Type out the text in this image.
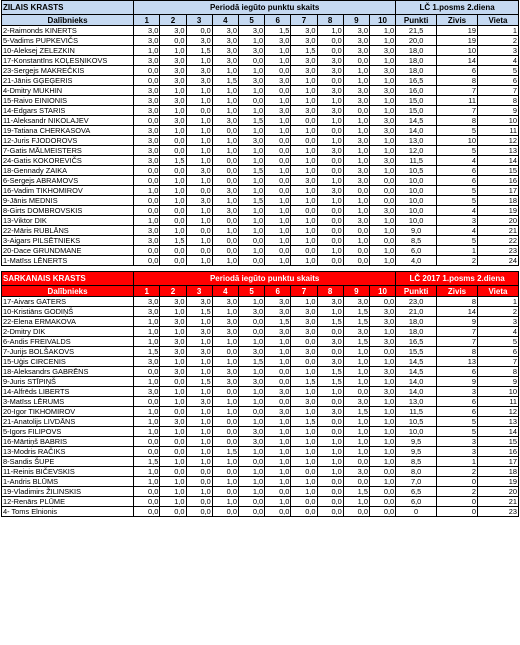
ZILAIS KRASTS	Periodā iegūto punktu skaits										LČ 1.posms 2.diena		
Dalībnieks	1	2	3	4	5	6	7	8	9	10	Punkti	Zivis	Vieta
2-Raimonds KINERTS	3,0	3,0	0,0	3,0	3,0	1,5	3,0	1,0	3,0	1,0	21,5	19	1
5-Vadims PUPKEVIČS	3,0	0,0	3,0	3,0	1,0	3,0	3,0	0,0	3,0	1,0	20,0	19	2
10-Aleksej ZELEZKIN	1,0	1,0	1,5	3,0	3,0	1,0	1,5	0,0	3,0	3,0	18,0	10	3
17-Konstantīns KOĻESŅIKOVS	3,0	3,0	1,0	3,0	0,0	1,0	3,0	3,0	0,0	1,0	18,0	14	4
23-Sergejs MAKREC̆KIS	0,0	3,0	3,0	1,0	1,0	0,0	3,0	3,0	1,0	3,0	18,0	6	5
21-Jānis GĢEĢERIS	0,0	3,0	3,0	1,5	3,0	3,0	1,0	0,0	1,0	1,0	16,5	8	6
4-Dmitry MUKHIN	3,0	1,0	1,0	1,0	1,0	0,0	1,0	3,0	3,0	3,0	16,0	7	7
15-Raivo EINIONIS	3,0	3,0	1,0	1,0	0,0	1,0	1,0	1,0	3,0	1,0	15,0	11	8
14-Edgars STARIS	3,0	1,0	0,0	1,0	1,0	3,0	3,0	3,0	0,0	1,0	15,0	7	9
11-Aleksandr NIKOLAJEV	0,0	3,0	1,0	3,0	1,5	1,0	0,0	1,0	1,0	3,0	14,5	8	10
19-Tatiana CHERKASOVA	3,0	1,0	1,0	0,0	1,0	1,0	1,0	0,0	1,0	3,0	14,0	5	11
12-Juris FJODOROVS	3,0	0,0	1,0	1,0	3,0	0,0	0,0	1,0	3,0	1,0	13,0	10	12
7-Gatis MĀLMEISTERS	3,0	0,0	1,0	1,0	1,0	0,0	1,0	3,0	1,0	1,0	12,0	5	13
24-Gatis KOKOREVIČS	3,0	1,5	1,0	0,0	1,0	0,0	1,0	0,0	1,0	3,0	11,5	4	14
18-Gennady ZAIKA	0,0	0,0	3,0	0,0	1,5	1,0	1,0	0,0	3,0	1,0	10,5	6	15
6-Sergejs ABRAMOVS	0,0	1,0	1,0	0,0	1,0	0,0	3,0	1,0	3,0	0,0	10,0	6	16
16-Vadim TIKHOMIROV	1,0	1,0	0,0	3,0	1,0	0,0	1,0	3,0	0,0	0,0	10,0	5	17
9-Jānis MEDNIS	0,0	1,0	3,0	1,0	1,5	1,0	1,0	1,0	1,0	0,0	10,0	5	18
8-Girts DOMBROVSKIS	0,0	0,0	1,0	3,0	1,0	1,0	0,0	0,0	1,0	3,0	10,0	4	19
13-Viktor DIK	1,0	0,0	1,0	0,0	1,0	1,0	1,0	0,0	3,0	1,0	10,0	3	20
22-Māris RUBLĀNS	3,0	1,0	0,0	1,0	1,0	1,0	1,0	0,0	0,0	1,0	9,0	4	21
3-Aigars PILSĒTNIEKS	3,0	1,5	1,0	0,0	0,0	1,0	1,0	0,0	1,0	0,0	8,5	5	22
20-Dace GRUNDMANE	0,0	0,0	0,0	0,0	1,0	0,0	0,0	1,0	0,0	1,0	6,0	1	23
1-Matīss LĒNERTS	0,0	0,0	1,0	1,0	0,0	1,0	1,0	0,0	0,0	1,0	4,0	2	24
SARKANAIS KRASTS	Periodā iegūto punktu skaits										LČ 2017 1.posms 2.diena		
Dalībnieks	1	2	3	4	5	6	7	8	9	10	Punkti	Zivis	Vieta
17-Aivars GATERS	3,0	3,0	3,0	3,0	1,0	3,0	1,0	3,0	3,0	0,0	23,0	8	1
10-Kristiāns GODIŅŠ	3,0	1,0	1,5	1,0	3,0	3,0	3,0	1,0	1,5	3,0	21,0	14	2
22-Elena ERMAKOVA	1,0	3,0	1,0	3,0	0,0	1,5	3,0	1,5	1,5	3,0	18,0	9	3
2-Dmitry DIK	1,0	1,0	3,0	3,0	0,0	3,0	3,0	0,0	3,0	1,0	18,0	7	4
6-Andis FREIVALDS	1,0	3,0	1,0	1,0	1,0	1,0	0,0	3,0	1,5	3,0	16,5	7	5
7-Jurijs BOLŠAKOVS	1,5	3,0	3,0	0,0	3,0	1,0	3,0	0,0	1,0	0,0	15,5	8	6
15-Uģis CIRCENIS	3,0	1,0	1,0	1,0	1,5	1,0	0,0	3,0	1,0	1,0	14,5	13	7
18-Aleksandrs GABRĒNS	0,0	3,0	1,0	3,0	1,0	0,0	1,0	1,5	1,0	3,0	14,5	6	8
9-Juris STĪPIŅŠ	1,0	0,0	1,5	3,0	3,0	0,0	1,5	1,5	1,0	1,0	14,0	9	9
14-Alfrēds LIBERTS	3,0	1,0	1,0	0,0	1,0	3,0	1,0	1,0	0,0	3,0	14,0	3	10
3-Matīss LĒRUMS	0,0	1,0	3,0	1,0	1,0	0,0	3,0	0,0	3,0	1,0	13,0	6	11
20-Igor TIKHOMIROV	1,0	0,0	1,0	1,0	0,0	3,0	1,0	3,0	1,5	1,0	11,5	6	12
21-Anatolijs LIVDĀNS	1,0	3,0	1,0	0,0	1,0	1,0	1,5	0,0	1,0	1,0	10,5	5	13
5-Igors FILIPOVS	1,0	1,0	1,0	0,0	3,0	1,0	1,0	0,0	1,0	1,0	10,0	5	14
16-Mārtiņš BABRIS	0,0	0,0	1,0	0,0	3,0	1,0	1,0	1,0	1,0	1,0	9,5	3	15
13-Modris RAČIKS	0,0	0,0	1,0	1,5	1,0	1,0	1,0	1,0	1,0	1,0	9,5	3	16
8-Sandis ŠUPE	1,5	1,0	1,0	1,0	0,0	1,0	1,0	1,0	0,0	1,0	8,5	1	17
11-Reinis BIČEVSKIS	1,0	0,0	0,0	0,0	1,0	1,0	0,0	1,0	3,0	0,0	8,0	2	18
1-Andris BLŪMS	1,0	1,0	0,0	1,0	1,0	1,0	1,0	0,0	0,0	1,0	7,0	0	19
19-Vladimirs ŽILINSKIS	0,0	1,0	1,0	0,0	1,0	0,0	1,0	0,0	1,5	0,0	6,5	2	20
12-Renārs PLŪME	0,0	1,0	0,0	1,0	0,0	1,0	0,0	0,0	1,0	0,0	6,0	0	21
4- Toms Elnionis	0,0	0,0	0,0	0,0	0,0	0,0	0,0	0,0	0,0	0,0	0	0	23
